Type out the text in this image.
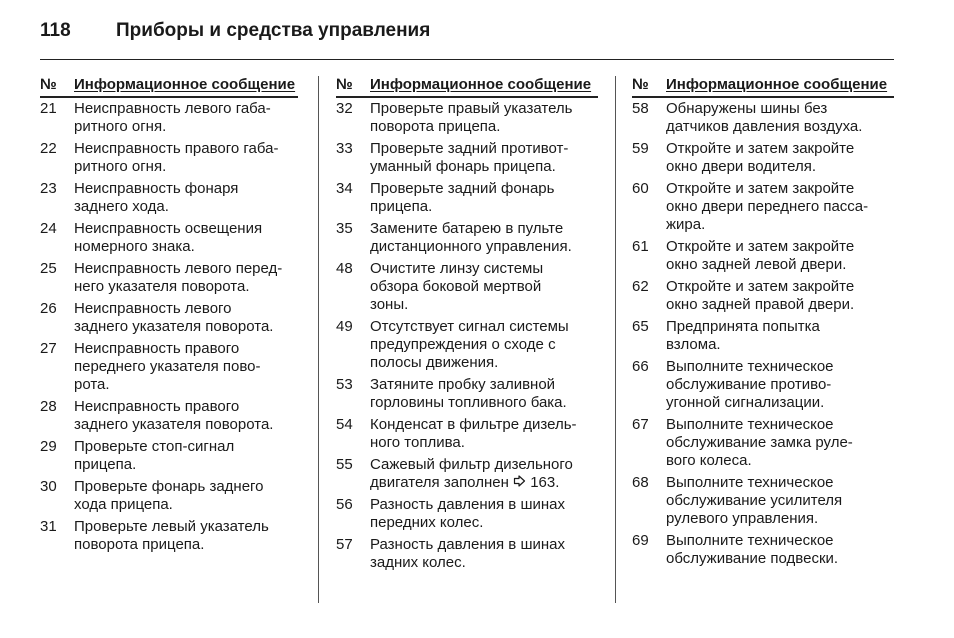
118 Приборы и средства управления
№ Информационное сообщение
21	Неисправность левого габа-
ритного огня.
22	Неисправность правого габа-
ритного огня.
23	Неисправность фонаря
заднего хода.
24	Неисправность освещения
номерного знака.
25	Неисправность левого перед-
него указателя поворота.
26	Неисправность левого
заднего указателя поворота.
27	Неисправность правого
переднего указателя пово-
рота.
28	Неисправность правого
заднего указателя поворота.
29	Проверьте стоп-сигнал
прицепа.
30	Проверьте фонарь заднего
хода прицепа.
31	Проверьте левый указатель
поворота прицепа.
№ Информационное сообщение
32	Проверьте правый указатель
поворота прицепа.
33	Проверьте задний противот-
уманный фонарь прицепа.
34	Проверьте задний фонарь
прицепа.
35	Замените батарею в пульте
дистанционного управления.
48	Очистите линзу системы
обзора боковой мертвой
зоны.
49	Отсутствует сигнал системы
предупреждения о сходе с
полосы движения.
53	Затяните пробку заливной
горловины топливного бака.
54	Конденсат в фильтре дизель-
ного топлива.
55	Сажевый фильтр дизельного
двигателя заполнен 163.
56	Разность давления в шинах
передних колес.
57	Разность давления в шинах
задних колес.
№ Информационное сообщение
58	Обнаружены шины без
датчиков давления воздуха.
59	Откройте и затем закройте
окно двери водителя.
60	Откройте и затем закройте
окно двери переднего пасса-
жира.
61	Откройте и затем закройте
окно задней левой двери.
62	Откройте и затем закройте
окно задней правой двери.
65	Предпринята попытка
взлома.
66	Выполните техническое
обслуживание противо-
угонной сигнализации.
67	Выполните техническое
обслуживание замка руле-
вого колеса.
68	Выполните техническое
обслуживание усилителя
рулевого управления.
69	Выполните техническое
обслуживание подвески.
